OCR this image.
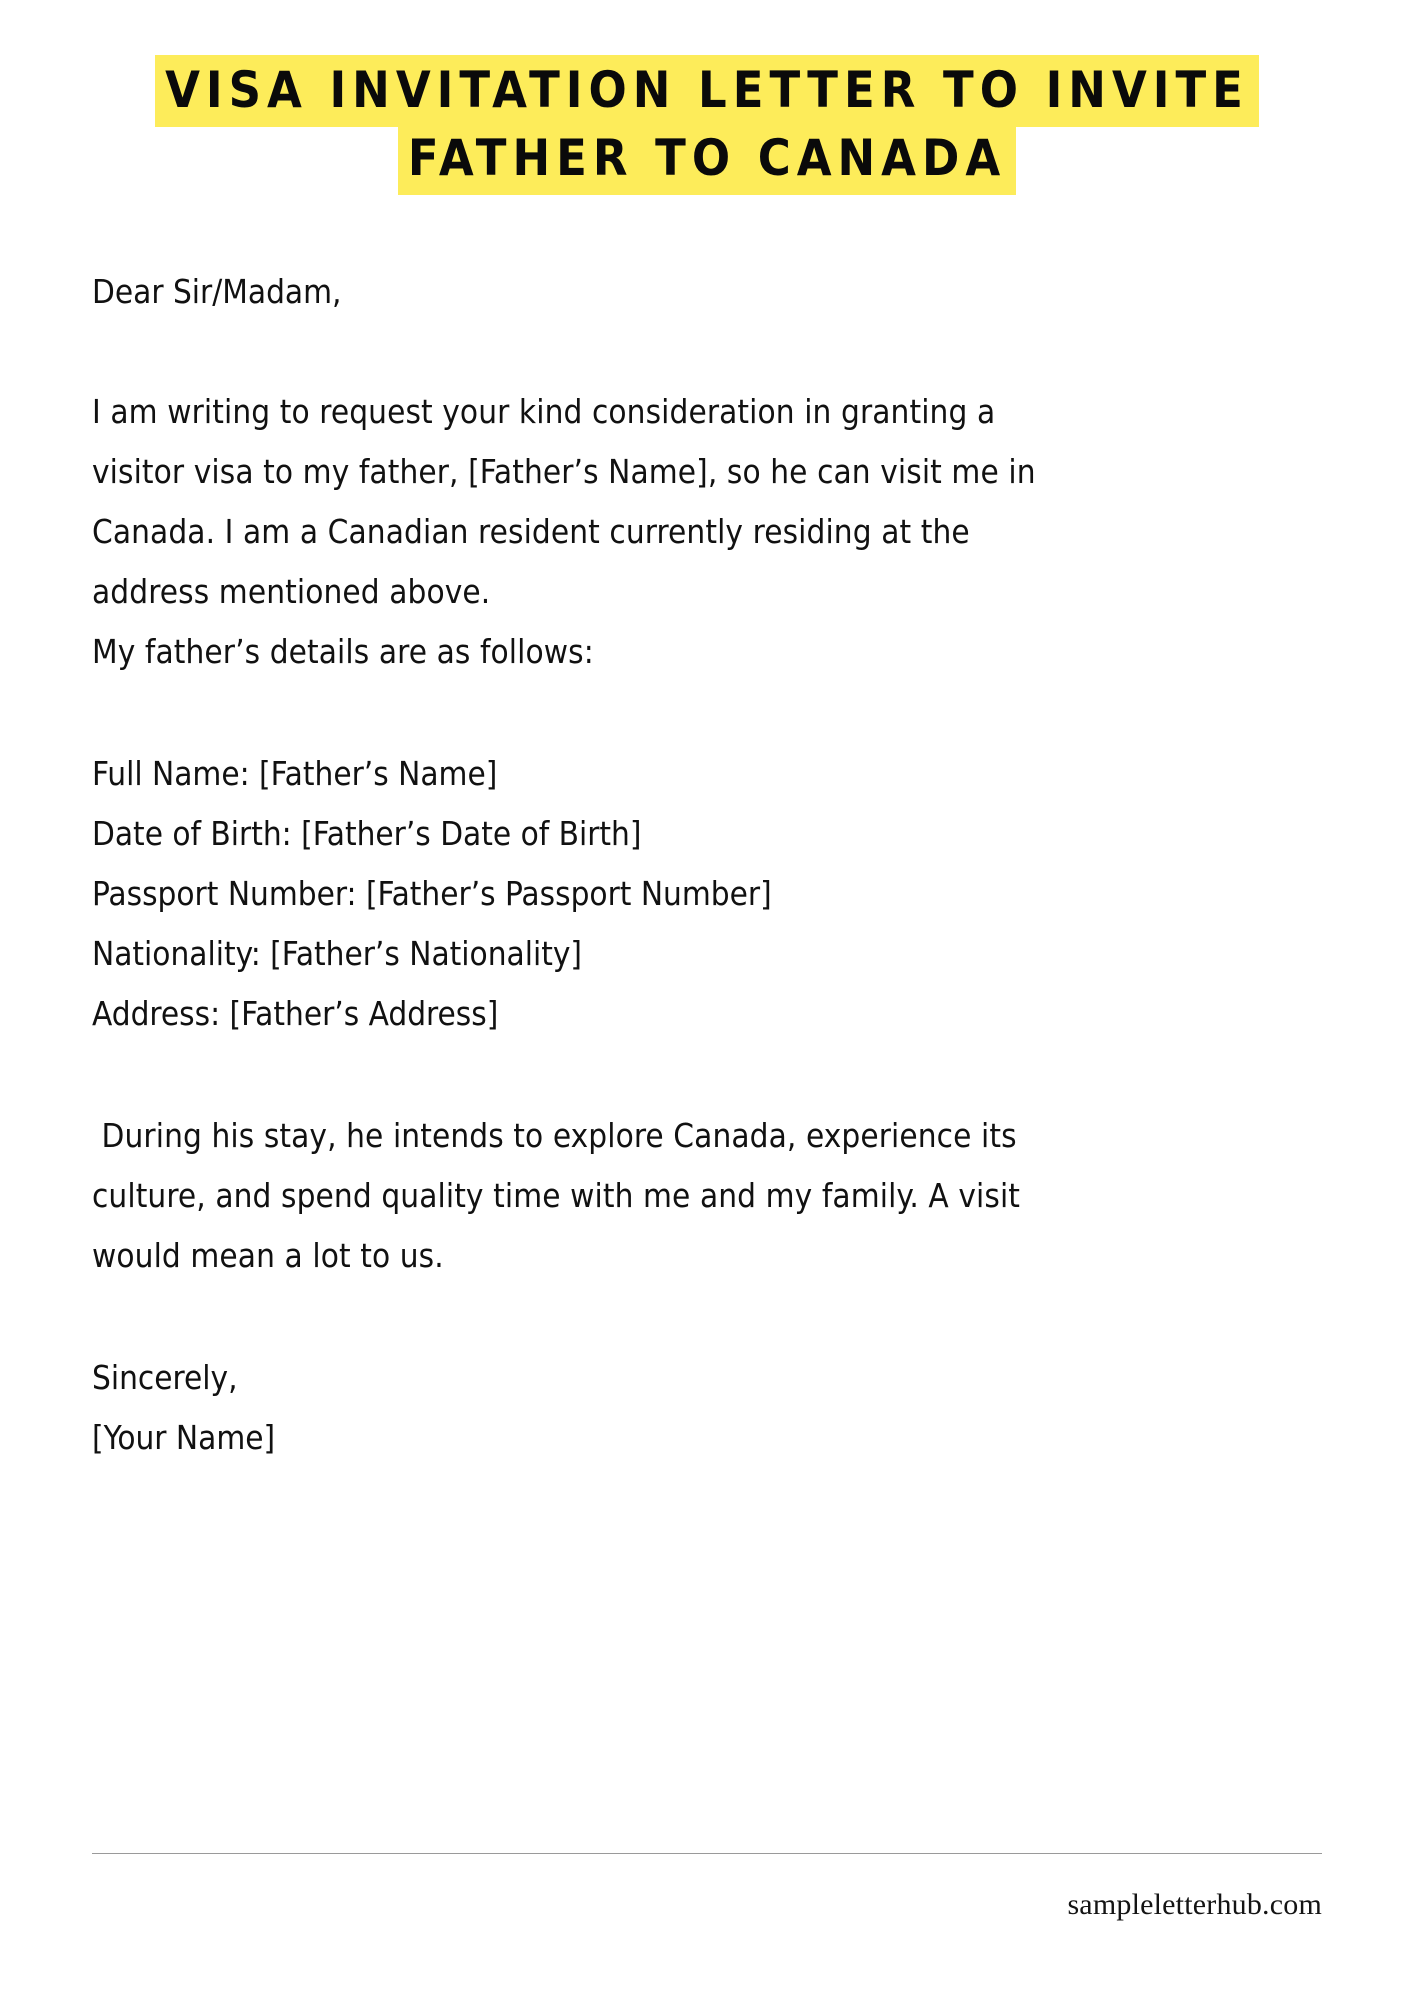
VISA INVITATION LETTER TO INVITE
FATHER TO CANADA

Dear Sir/Madam,

I am writing to request your kind consideration in granting a visitor visa to my father, [Father’s Name], so he can visit me in Canada. I am a Canadian resident currently residing at the address mentioned above.

My father’s details are as follows:

Full Name: [Father’s Name]

Date of Birth: [Father’s Date of Birth]

Passport Number: [Father’s Passport Number]

Nationality: [Father’s Nationality]

Address: [Father’s Address]

During his stay, he intends to explore Canada, experience its culture, and spend quality time with me and my family. A visit would mean a lot to us.

Sincerely,

[Your Name]

sampleletterhub.com
